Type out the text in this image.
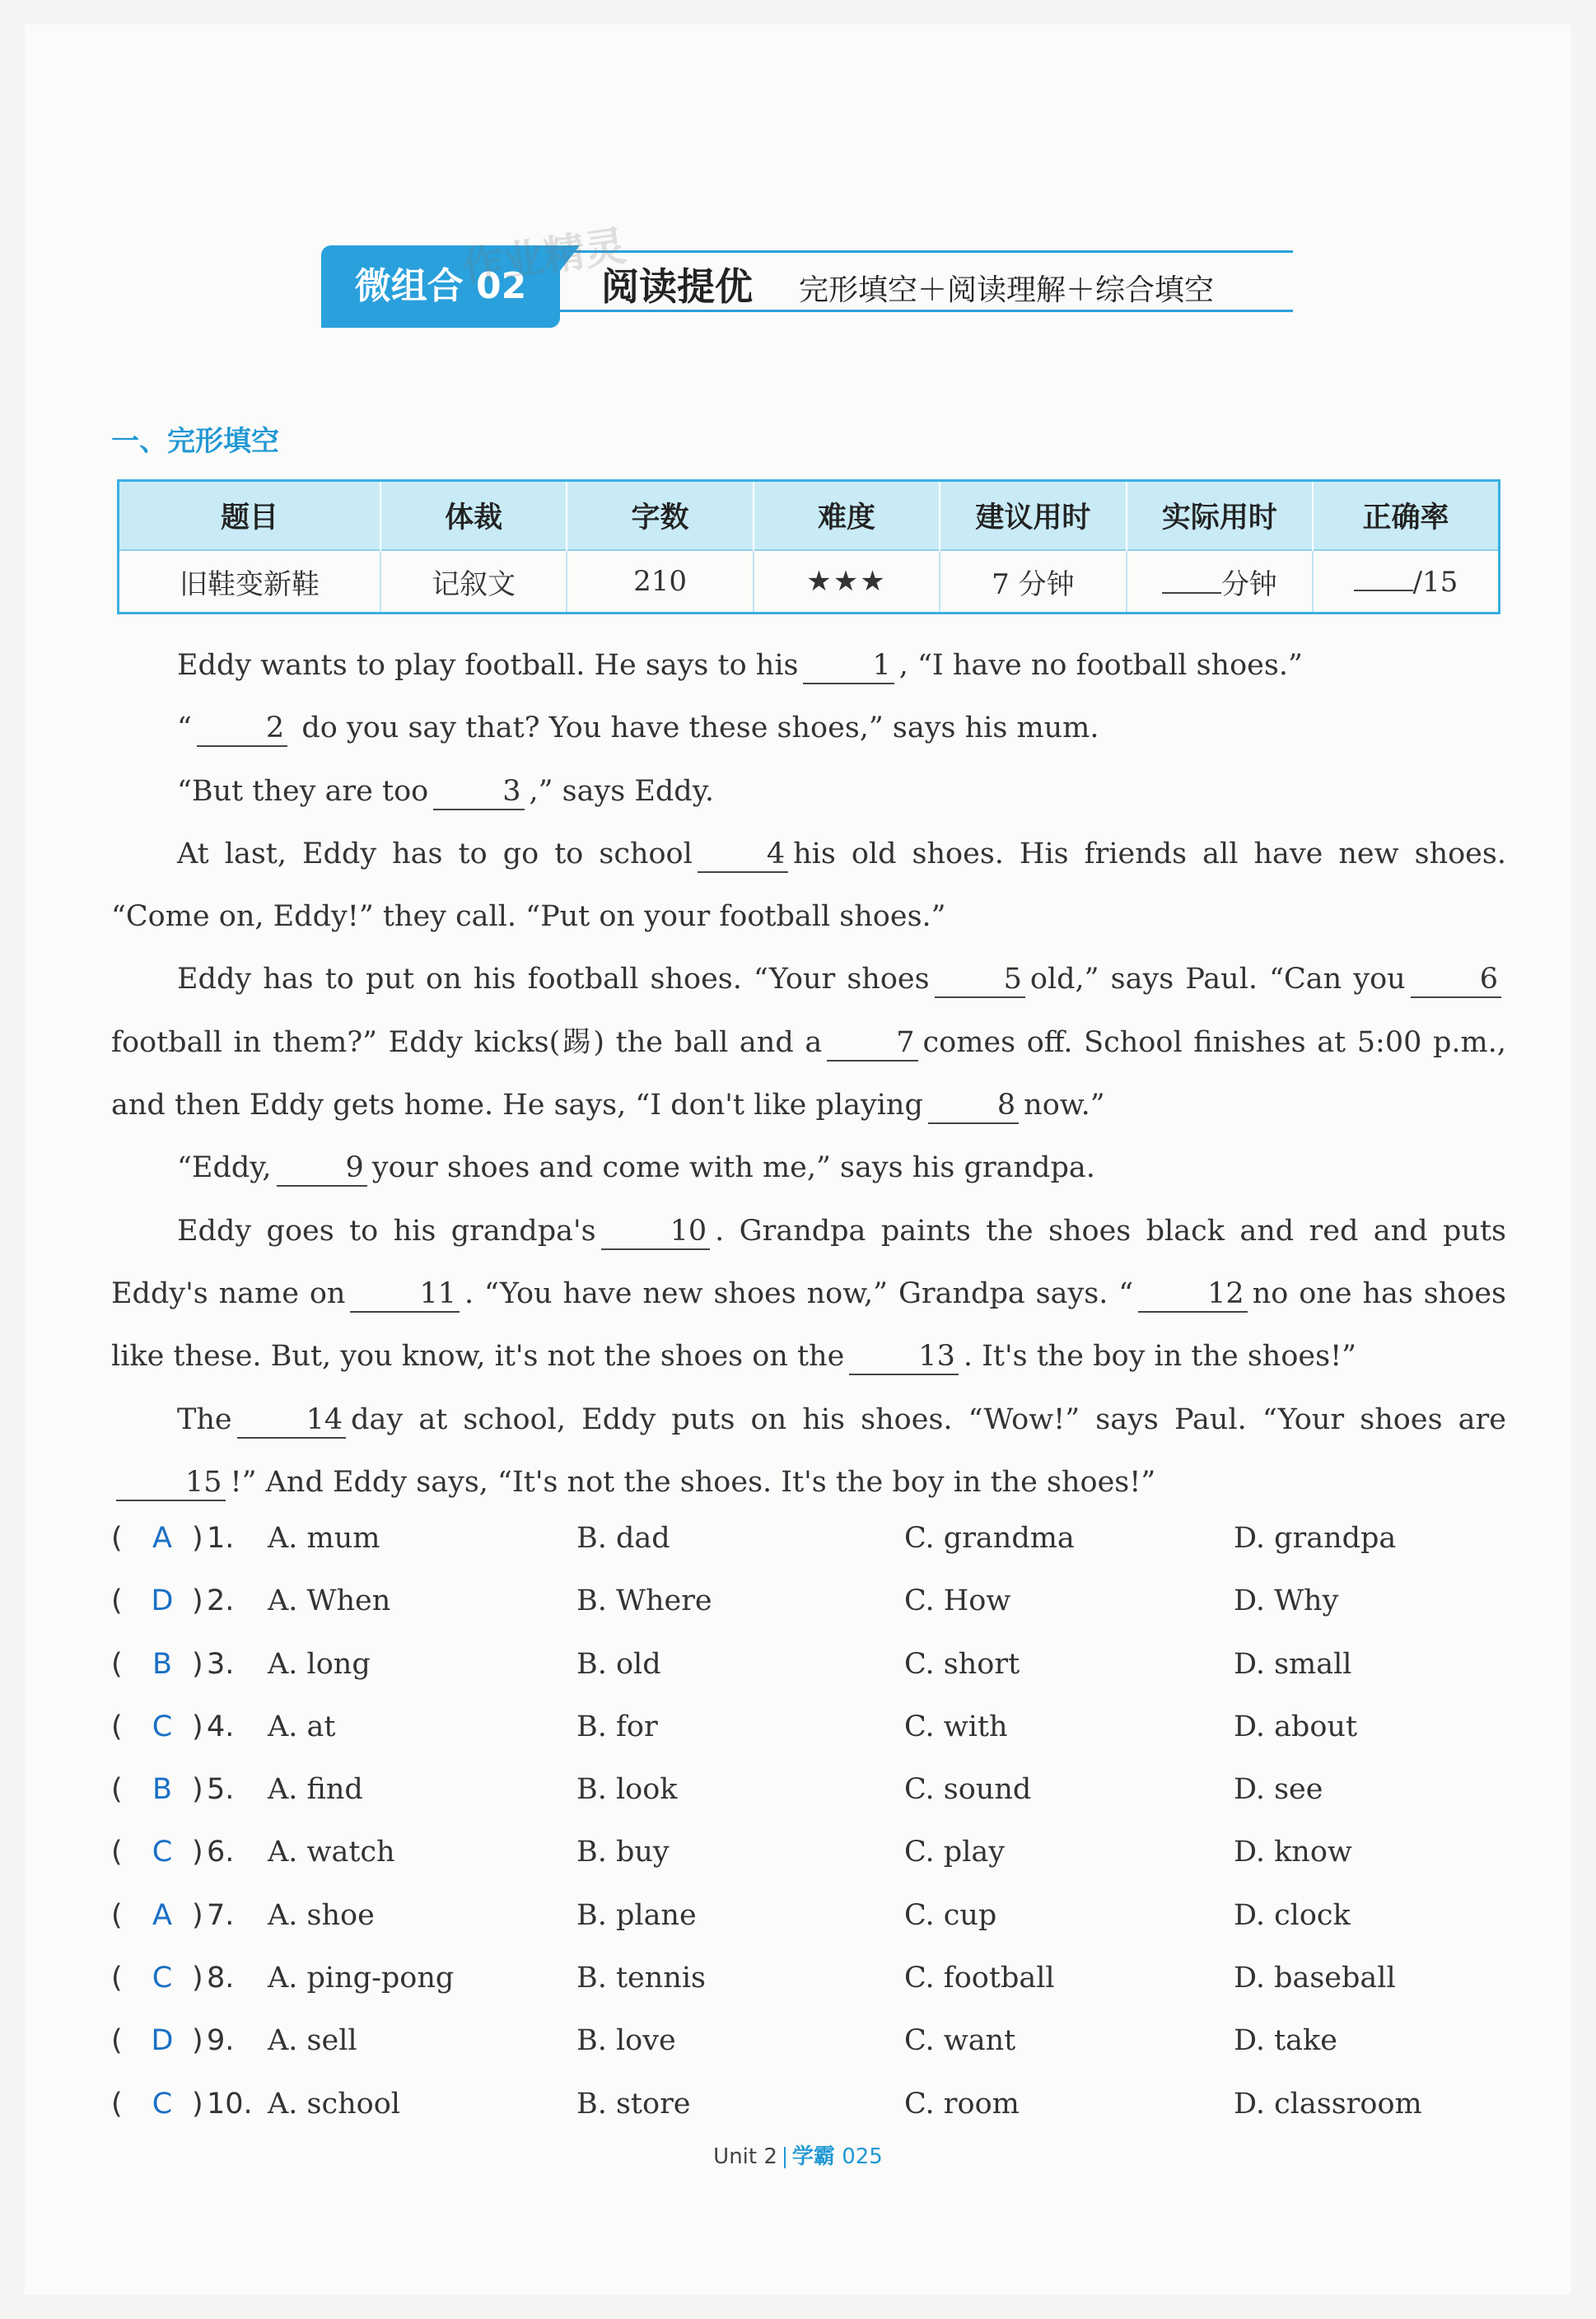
微组合 02	阅读提优 完形填空＋阅读理解＋综合填空
作业精灵
一、完形填空
题目	体裁	字数	难度	建议用时	实际用时	正确率
旧鞋变新鞋	记叙文	210	★★★	7 分钟	分钟	/15

Eddy wants to play football. He says to his	1 , “I have no football shoes.”

“	2 do you say that? You have these shoes,” says his mum.

“But they are too	3 ,” says Eddy.

At last, Eddy has to go to school	4 his old shoes. His friends all have new shoes. “Come on, Eddy!” they call. “Put on your football shoes.”

Eddy has to put on his football shoes. “Your shoes	5 old,” says Paul. “Can you	6 football in them?” Eddy kicks(踢) the ball and a	7 comes off. School finishes at 5:00 p.m., and then Eddy gets home. He says, “I don't like playing	8 now.”

“Eddy,	9 your shoes and come with me,” says his grandpa.

Eddy goes to his grandpa's	10 . Grandpa paints the shoes black and red and puts Eddy's name on	11 . “You have new shoes now,” Grandpa says. “	12 no one has shoes like these. But, you know, it's not the shoes on the	13 . It's the boy in the shoes!”

The	14 day at school, Eddy puts on his shoes. “Wow!” says Paul. “Your shoes are 15 !” And Eddy says, “It's not the shoes. It's the boy in the shoes!”

( A ) 1. A. mum	B. dad	C. grandma	D. grandpa
( D ) 2. A. When	B. Where	C. How	D. Why
( B ) 3. A. long	B. old	C. short	D. small
( C ) 4. A. at	B. for	C. with	D. about
( B ) 5. A. find	B. look	C. sound	D. see
( C ) 6. A. watch	B. buy	C. play	D. know
( A ) 7. A. shoe	B. plane	C. cup	D. clock
( C ) 8. A. ping-pong	B. tennis	C. football	D. baseball
( D ) 9. A. sell	B. love	C. want	D. take
( C ) 10. A. school	B. store	C. room	D. classroom
Unit 2 学霸 025
